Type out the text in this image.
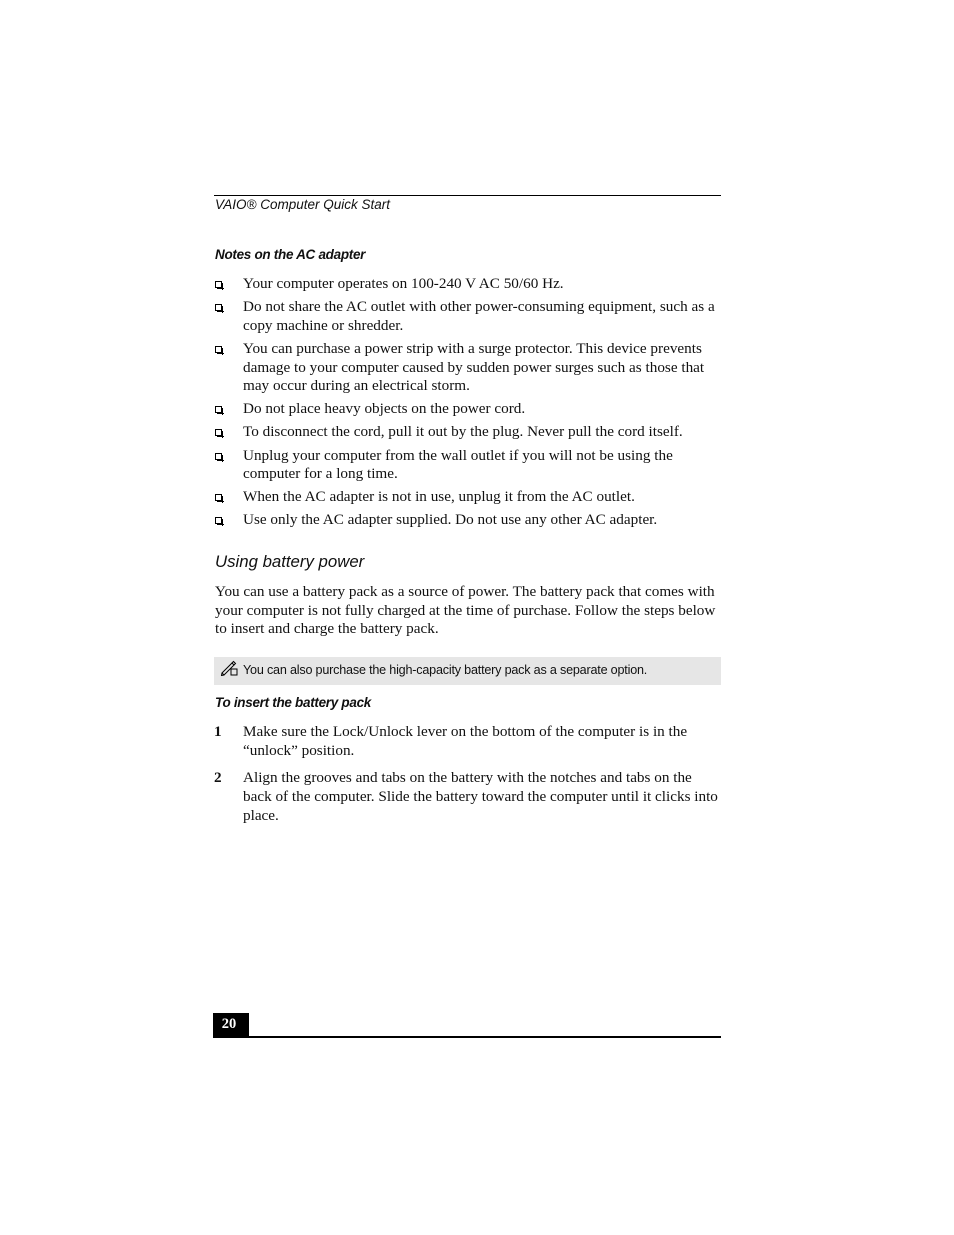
VAIO® Computer Quick Start
Notes on the AC adapter
Your computer operates on 100-240 V AC 50/60 Hz.
Do not share the AC outlet with other power-consuming equipment, such as a copy machine or shredder.
You can purchase a power strip with a surge protector. This device prevents damage to your computer caused by sudden power surges such as those that may occur during an electrical storm.
Do not place heavy objects on the power cord.
To disconnect the cord, pull it out by the plug. Never pull the cord itself.
Unplug your computer from the wall outlet if you will not be using the computer for a long time.
When the AC adapter is not in use, unplug it from the AC outlet.
Use only the AC adapter supplied. Do not use any other AC adapter.
Using battery power

You can use a battery pack as a source of power. The battery pack that comes with your computer is not fully charged at the time of purchase. Follow the steps below to insert and charge the battery pack.

You can also purchase the high-capacity battery pack as a separate option.
To insert the battery pack
1 Make sure the Lock/Unlock lever on the bottom of the computer is in the “unlock” position.
2 Align the grooves and tabs on the battery with the notches and tabs on the back of the computer. Slide the battery toward the computer until it clicks into place.
20
